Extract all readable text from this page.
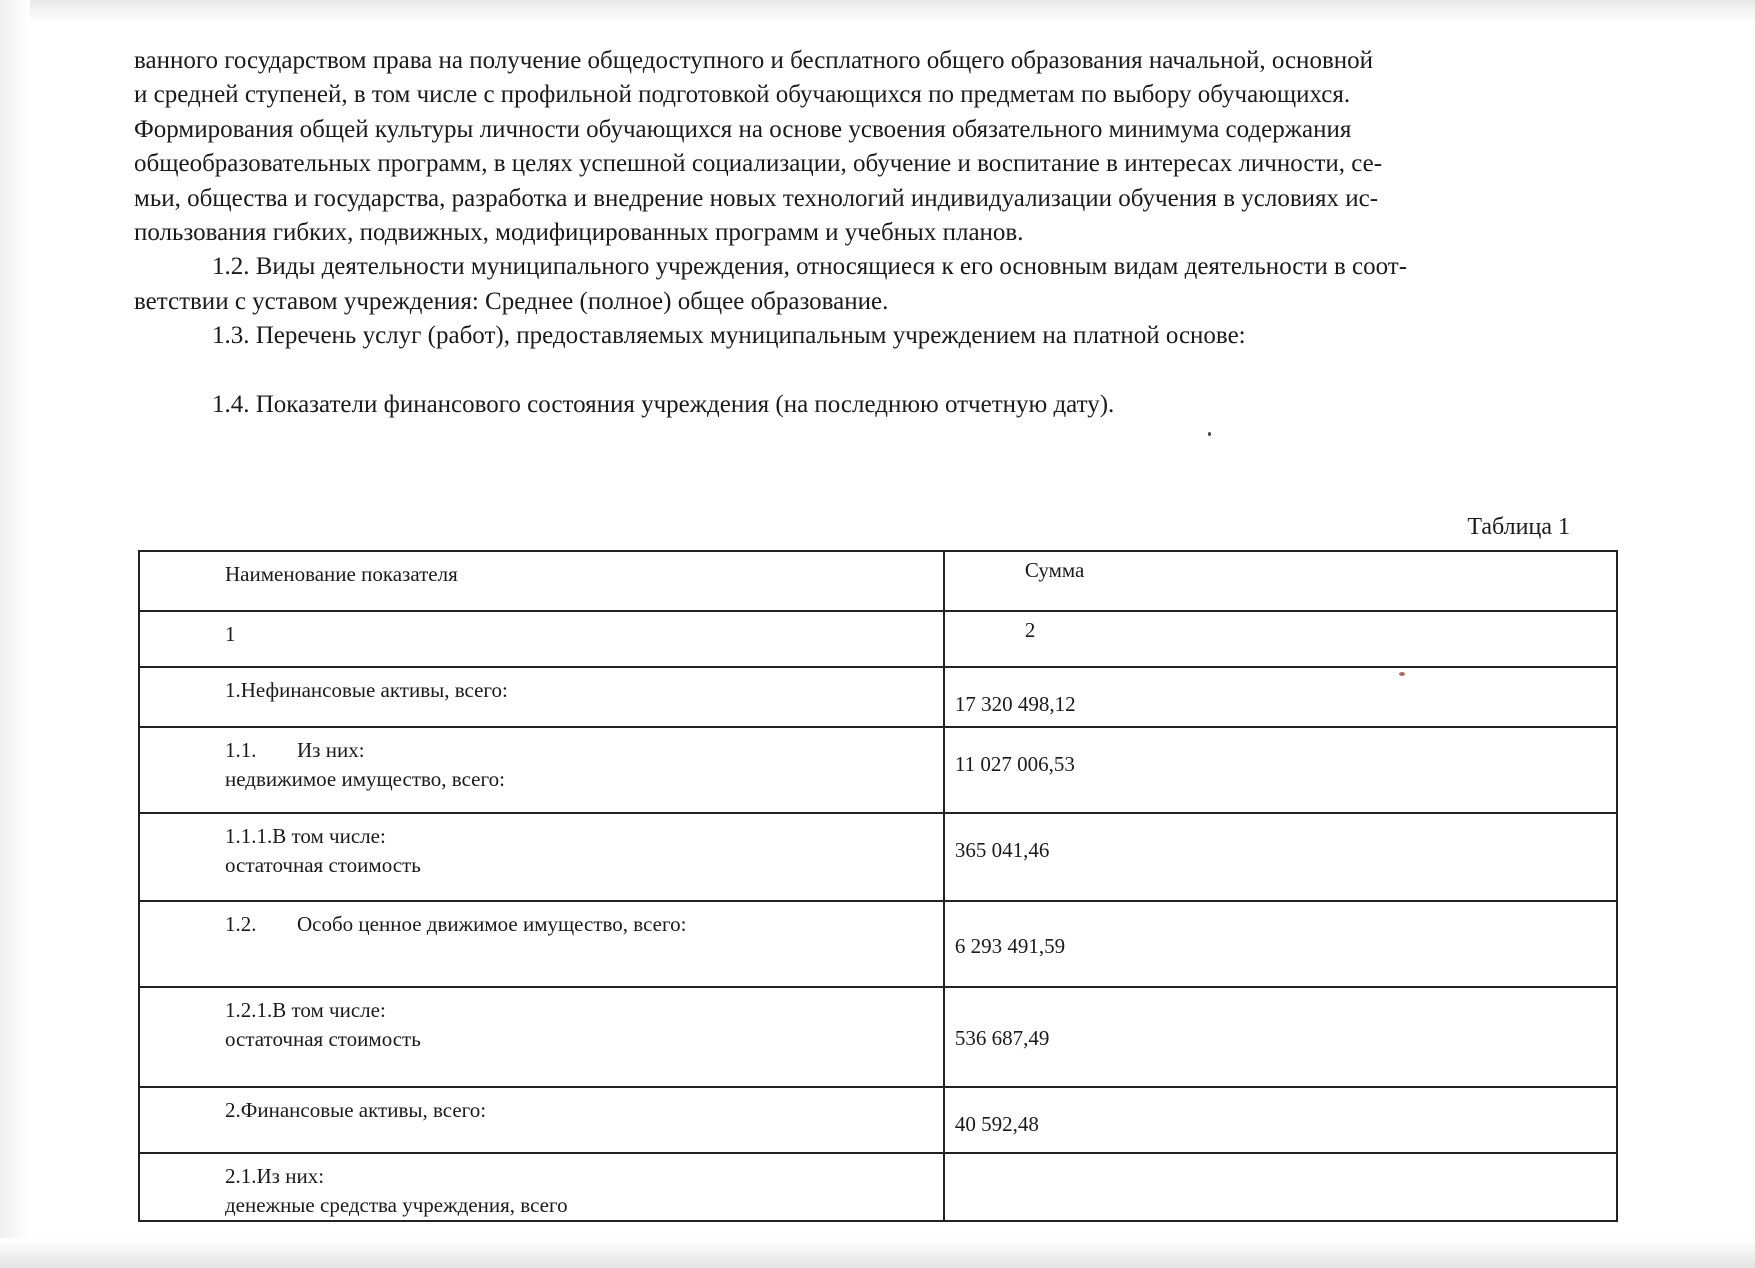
ванного государством права на получение общедоступного и бесплатного общего образования начальной, основной

и средней ступеней, в том числе с профильной подготовкой обучающихся по предметам по выбору обучающихся.

Формирования общей культуры личности обучающихся на основе усвоения обязательного минимума содержания

общеобразовательных программ, в целях успешной социализации, обучение и воспитание в интересах личности, се-

мьи, общества и государства, разработка и внедрение новых технологий индивидуализации обучения в условиях ис-

пользования гибких, подвижных, модифицированных программ и учебных планов.

1.2. Виды деятельности муниципального учреждения, относящиеся к его основным видам деятельности в соот-

ветствии с уставом учреждения: Среднее (полное) общее образование.

1.3. Перечень услуг (работ), предоставляемых муниципальным учреждением на платной основе:

1.4. Показатели финансового состояния учреждения (на последнюю отчетную дату).

Таблица 1
Наименование показателя	Сумма

1	2

1.Нефинансовые активы, всего:	17 320 498,12

1.1. Из них:
недвижимое имущество, всего:	11 027 006,53

1.1.1.В том числе:
остаточная стоимость	365 041,46

1.2. Особо ценное движимое имущество, всего:	6 293 491,59

1.2.1.В том числе:
остаточная стоимость	536 687,49

2.Финансовые активы, всего:	40 592,48

2.1.Из них:
денежные средства учреждения, всего	
